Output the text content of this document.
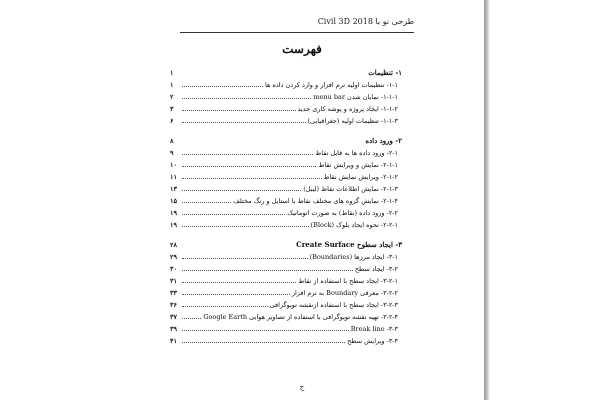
طرحی نو با Civil 3D 2018
فهرست
۱- تنظیمات
۱
۱-۱- تنظیمات اولیه نرم افزار و وارد کردن داده ها
۱
۱-۱-۱- نمایان شدن menu bar
۲
۱-۱-۲- ایجاد پروژه و پوشه کاری جدید
۳
۱-۱-۳- تنظیمات اولیه (جغرافیایی)
۶
۲- ورود داده
۸
۲-۱- ورود داده ها به فایل نقاط
۹
۲-۱-۱- نمایش و ویرایش نقاط
۱۰
۲-۱-۲- ویرایش نمایش نقاط
۱۱
۲-۱-۳- نمایش اطلاعات نقاط (لیبل)
۱۳
۲-۱-۴- نمایش گروه های مختلف نقاط با استایل و رنگ مختلف
۱۵
۲-۲- ورود داده (نقاط) به صورت اتوماتیک
۱۹
۲-۲-۱- نحوه ایجاد بلوک (Block)
۱۹
۳- ایجاد سطوح Create Surface
۲۸
۳-۱- ایجاد مرزها (Boundaries)
۲۹
۳-۲- ایجاد سطح
۳۰
۳-۲-۱- ایجاد سطح با استفاده از نقاط
۳۱
۳-۲-۲- معرفی Boundary به نرم افزار
۳۳
۳-۲-۳- ایجاد سطح با استفاده ازنقشه توپوگرافی
۳۶
۳-۲-۴- تهیه نقشه توپوگرافی با استفاده از تصاویر هوایی Google Earth
۳۷
۳-۳- Break line
۳۹
۳-۴- ویرایش سطح
۴۱
ج
